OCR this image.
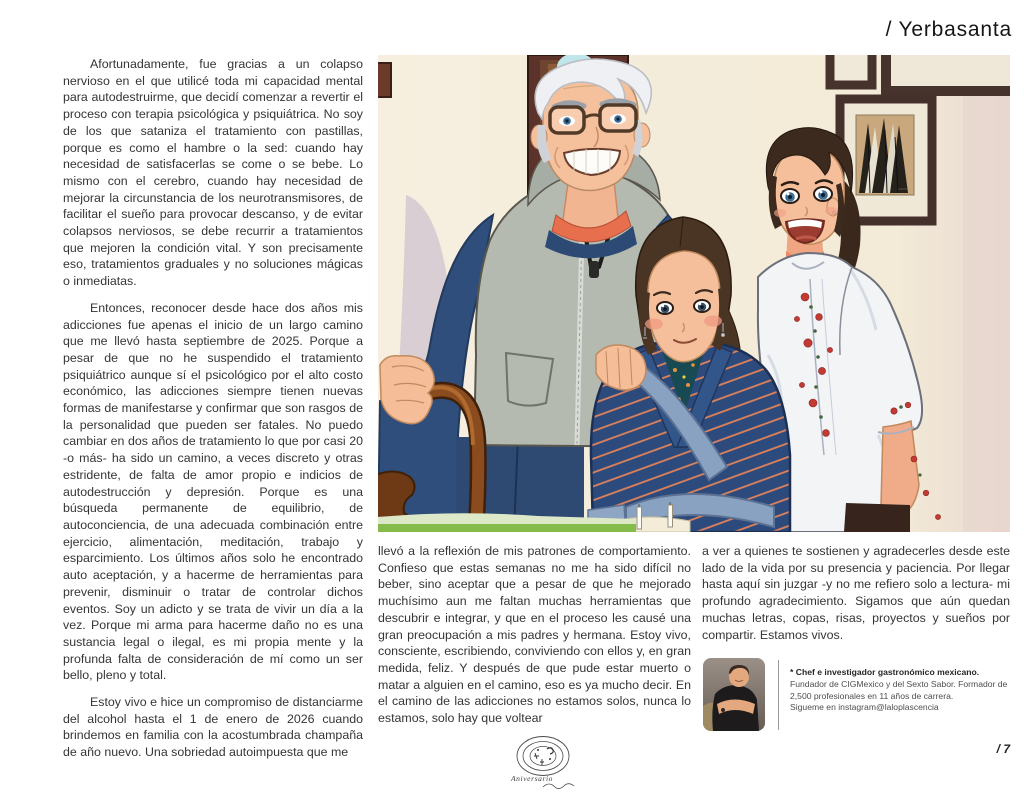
/ Yerbasanta

Afortunadamente, fue gracias a un colapso nervioso en el que utilicé toda mi capacidad mental para autodestruirme, que decidí comenzar a revertir el proceso con terapia psicológica y psiquiátrica. No soy de los que sataniza el tratamiento con pastillas, porque es como el hambre o la sed: cuando hay necesidad de satisfacerlas se come o se bebe. Lo mismo con el cerebro, cuando hay necesidad de mejorar la circunstancia de los neurotransmisores, de facilitar el sueño para provocar descanso, y de evitar colapsos nerviosos, se debe recurrir a tratamientos que mejoren la condición vital. Y son precisamente eso, tratamientos graduales y no soluciones mágicas o inmediatas.

Entonces, reconocer desde hace dos años mis adicciones fue apenas el inicio de un largo camino que me llevó hasta septiembre de 2025. Porque a pesar de que no he suspendido el tratamiento psiquiátrico aunque sí el psicológico por el alto costo económico, las adicciones siempre tienen nuevas formas de manifestarse y confirmar que son rasgos de la personalidad que pueden ser fatales. No puedo cambiar en dos años de tratamiento lo que por casi 20 -o más- ha sido un camino, a veces discreto y otras estridente, de falta de amor propio e indicios de autodestrucción y depresión. Porque es una búsqueda permanente de equilibrio, de autoconciencia, de una adecuada combinación entre ejercicio, alimentación, meditación, trabajo y esparcimiento. Los últimos años solo he encontrado auto aceptación, y a hacerme de herramientas para prevenir, disminuir o tratar de controlar dichos eventos. Soy un adicto y se trata de vivir un día a la vez. Porque mi arma para hacerme daño no es una sustancia legal o ilegal, es mi propia mente y la profunda falta de consideración de mí como un ser bello, pleno y total.

Estoy vivo e hice un compromiso de distanciarme del alcohol hasta el 1 de enero de 2026 cuando brindemos en familia con la acostumbrada champaña de año nuevo. Una sobriedad autoimpuesta que me

llevó a la reflexión de mis patrones de comportamiento. Confieso que estas semanas no me ha sido difícil no beber, sino aceptar que a pesar de que he mejorado muchísimo aun me faltan muchas herramientas que descubrir e integrar, y que en el proceso les causé una gran preocupación a mis padres y hermana. Estoy vivo, consciente, escribiendo, conviviendo con ellos y, en gran medida, feliz. Y después de que pude estar muerto o matar a alguien en el camino, eso es ya mucho decir. En el camino de las adicciones no estamos solos, nunca lo estamos, solo hay que voltear

a ver a quienes te sostienen y agradecerles desde este lado de la vida por su presencia y paciencia. Por llegar hasta aquí sin juzgar -y no me refiero solo a lectura- mi profundo agradecimiento. Sigamos que aún quedan muchas letras, copas, risas, proyectos y sueños por compartir. Estamos vivos.

* Chef e investigador gastronómico mexicano. Fundador de CIGMexico y del Sexto Sabor. Formador de 2,500 profesionales en 11 años de carrera.
Sigueme en instagram@laloplascencia
Aniversario
/ 7
